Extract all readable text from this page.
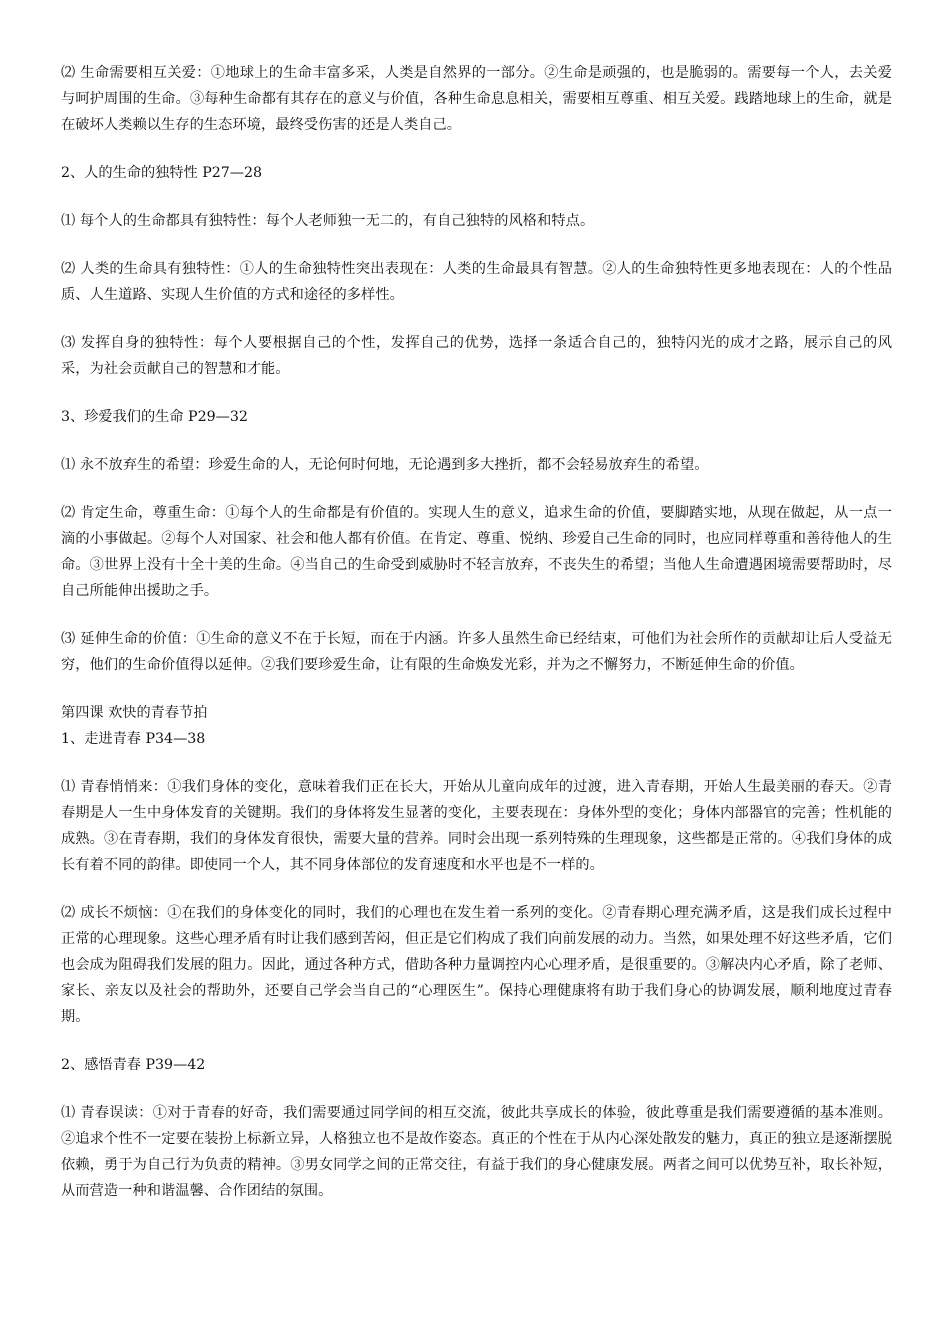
⑵ 生命需要相互关爱：①地球上的生命丰富多采，人类是自然界的一部分。②生命是顽强的，也是脆弱的。需要每一个人，去关爱与呵护周围的生命。③每种生命都有其存在的意义与价值，各种生命息息相关，需要相互尊重、相互关爱。践踏地球上的生命，就是在破坏人类赖以生存的生态环境，最终受伤害的还是人类自己。

2、人的生命的独特性 P27—28

⑴ 每个人的生命都具有独特性：每个人老师独一无二的，有自己独特的风格和特点。

⑵ 人类的生命具有独特性：①人的生命独特性突出表现在：人类的生命最具有智慧。②人的生命独特性更多地表现在：人的个性品质、人生道路、实现人生价值的方式和途径的多样性。

⑶ 发挥自身的独特性：每个人要根据自己的个性，发挥自己的优势，选择一条适合自己的，独特闪光的成才之路，展示自己的风采，为社会贡献自己的智慧和才能。

3、珍爱我们的生命 P29—32

⑴ 永不放弃生的希望：珍爱生命的人，无论何时何地，无论遇到多大挫折，都不会轻易放弃生的希望。

⑵ 肯定生命，尊重生命：①每个人的生命都是有价值的。实现人生的意义，追求生命的价值，要脚踏实地，从现在做起，从一点一滴的小事做起。②每个人对国家、社会和他人都有价值。在肯定、尊重、悦纳、珍爱自己生命的同时，也应同样尊重和善待他人的生命。③世界上没有十全十美的生命。④当自己的生命受到威胁时不轻言放弃，不丧失生的希望；当他人生命遭遇困境需要帮助时，尽自己所能伸出援助之手。

⑶ 延伸生命的价值：①生命的意义不在于长短，而在于内涵。许多人虽然生命已经结束，可他们为社会所作的贡献却让后人受益无穷，他们的生命价值得以延伸。②我们要珍爱生命，让有限的生命焕发光彩，并为之不懈努力，不断延伸生命的价值。

第四课 欢快的青春节拍

1、走进青春 P34—38

⑴ 青春悄悄来：①我们身体的变化，意味着我们正在长大，开始从儿童向成年的过渡，进入青春期，开始人生最美丽的春天。②青春期是人一生中身体发育的关键期。我们的身体将发生显著的变化，主要表现在：身体外型的变化；身体内部器官的完善；性机能的成熟。③在青春期，我们的身体发育很快，需要大量的营养。同时会出现一系列特殊的生理现象，这些都是正常的。④我们身体的成长有着不同的韵律。即使同一个人，其不同身体部位的发育速度和水平也是不一样的。

⑵ 成长不烦恼：①在我们的身体变化的同时，我们的心理也在发生着一系列的变化。②青春期心理充满矛盾，这是我们成长过程中正常的心理现象。这些心理矛盾有时让我们感到苦闷，但正是它们构成了我们向前发展的动力。当然，如果处理不好这些矛盾，它们也会成为阻碍我们发展的阻力。因此，通过各种方式，借助各种力量调控内心心理矛盾，是很重要的。③解决内心矛盾，除了老师、家长、亲友以及社会的帮助外，还要自己学会当自己的“心理医生”。保持心理健康将有助于我们身心的协调发展，顺利地度过青春期。

2、感悟青春 P39—42

⑴ 青春误读：①对于青春的好奇，我们需要通过同学间的相互交流，彼此共享成长的体验，彼此尊重是我们需要遵循的基本准则。②追求个性不一定要在装扮上标新立异，人格独立也不是故作姿态。真正的个性在于从内心深处散发的魅力，真正的独立是逐渐摆脱依赖，勇于为自己行为负责的精神。③男女同学之间的正常交往，有益于我们的身心健康发展。两者之间可以优势互补，取长补短，从而营造一种和谐温馨、合作团结的氛围。
